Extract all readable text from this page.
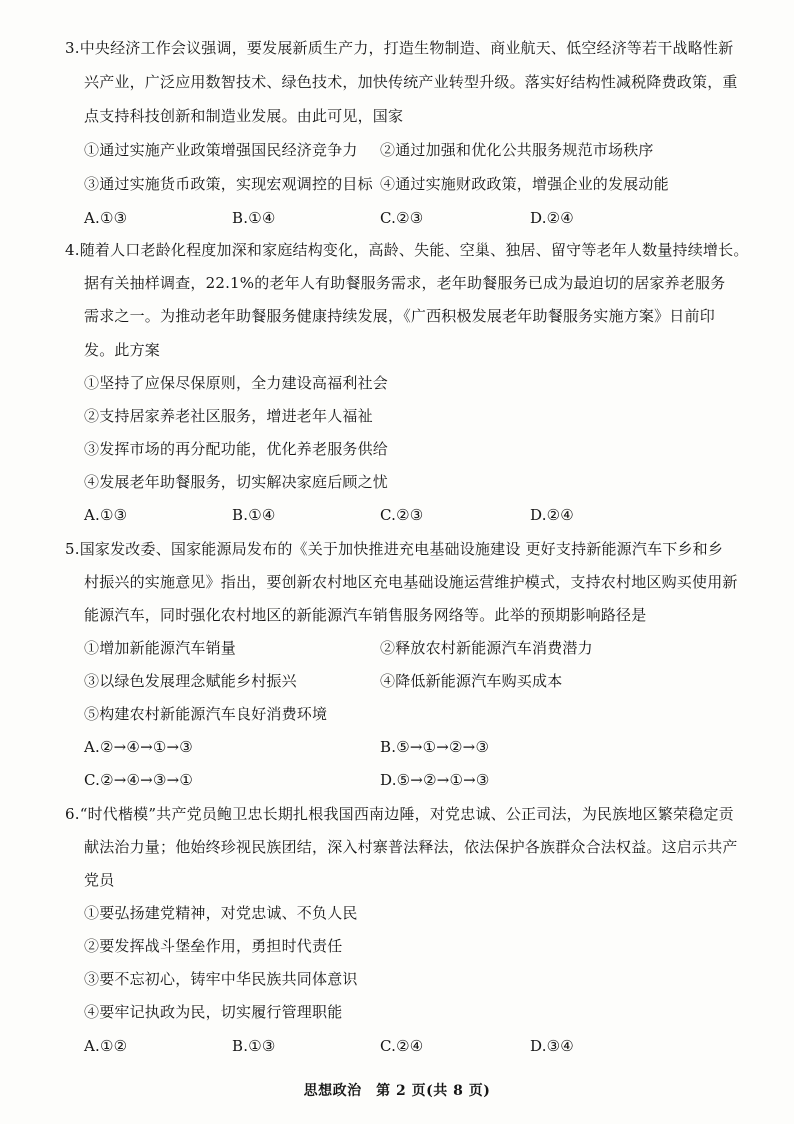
3.中央经济工作会议强调，要发展新质生产力，打造生物制造、商业航天、低空经济等若干战略性新
兴产业，广泛应用数智技术、绿色技术，加快传统产业转型升级。落实好结构性减税降费政策，重
点支持科技创新和制造业发展。由此可见，国家
①通过实施产业政策增强国民经济竞争力 ②通过加强和优化公共服务规范市场秩序
③通过实施货币政策，实现宏观调控的目标 ④通过实施财政政策，增强企业的发展动能
A.①③	B.①④	C.②③	D.②④
4.随着人口老龄化程度加深和家庭结构变化，高龄、失能、空巢、独居、留守等老年人数量持续增长。
据有关抽样调查，22.1%的老年人有助餐服务需求，老年助餐服务已成为最迫切的居家养老服务
需求之一。为推动老年助餐服务健康持续发展，《广西积极发展老年助餐服务实施方案》日前印
发。此方案
①坚持了应保尽保原则，全力建设高福利社会
②支持居家养老社区服务，增进老年人福祉
③发挥市场的再分配功能，优化养老服务供给
④发展老年助餐服务，切实解决家庭后顾之忧
A.①③	B.①④	C.②③	D.②④
5.国家发改委、国家能源局发布的《关于加快推进充电基础设施建设 更好支持新能源汽车下乡和乡
村振兴的实施意见》指出，要创新农村地区充电基础设施运营维护模式，支持农村地区购买使用新
能源汽车，同时强化农村地区的新能源汽车销售服务网络等。此举的预期影响路径是
①增加新能源汽车销量	②释放农村新能源汽车消费潜力
③以绿色发展理念赋能乡村振兴	④降低新能源汽车购买成本
⑤构建农村新能源汽车良好消费环境
A.②→④→①→③	B.⑤→①→②→③
C.②→④→③→①	D.⑤→②→①→③
6.“时代楷模”共产党员鲍卫忠长期扎根我国西南边陲，对党忠诚、公正司法，为民族地区繁荣稳定贡
献法治力量；他始终珍视民族团结，深入村寨普法释法，依法保护各族群众合法权益。这启示共产
党员
①要弘扬建党精神，对党忠诚、不负人民
②要发挥战斗堡垒作用，勇担时代责任
③要不忘初心，铸牢中华民族共同体意识
④要牢记执政为民，切实履行管理职能
A.①②	B.①③	C.②④	D.③④
思想政治　第 2 页(共 8 页)
